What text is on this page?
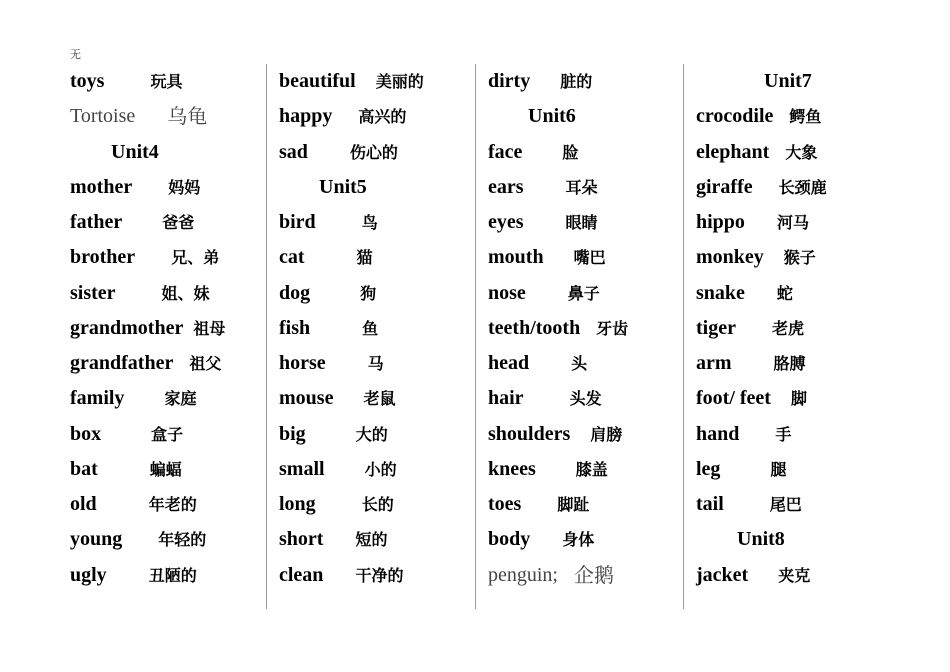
无
toys	玩具
Tortoise 乌龟
Unit4
mother 妈妈
father	爸爸
brother 兄、弟
sister	姐、妹
grandmother 祖母
grandfather 祖父
family	家庭
box	盒子
bat	蝙蝠
old	年老的
young 年轻的
ugly	丑陋的
beautiful 美丽的
happy 高兴的
sad	伤心的
Unit5
bird	鸟
cat	猫
dog	狗
fish	鱼
horse	马
mouse 老鼠
big	大的
small	小的
long	长的
short 短的
clean 干净的
dirty 脏的
Unit6
face	脸
ears	耳朵
eyes	眼睛
mouth 嘴巴
nose	鼻子
teeth/tooth 牙齿
head	头
hair	头发
shoulders 肩膀
knees	膝盖
toes 脚趾
body 身体
penguin; 企鹅
Unit7
crocodile 鳄鱼
elephant 大象
giraffe 长颈鹿
hippo 河马
monkey 猴子
snake 蛇
tiger 老虎
arm	胳膊
foot/ feet 脚
hand 手
leg	腿
tail	尾巴
Unit8
jacket 夹克
